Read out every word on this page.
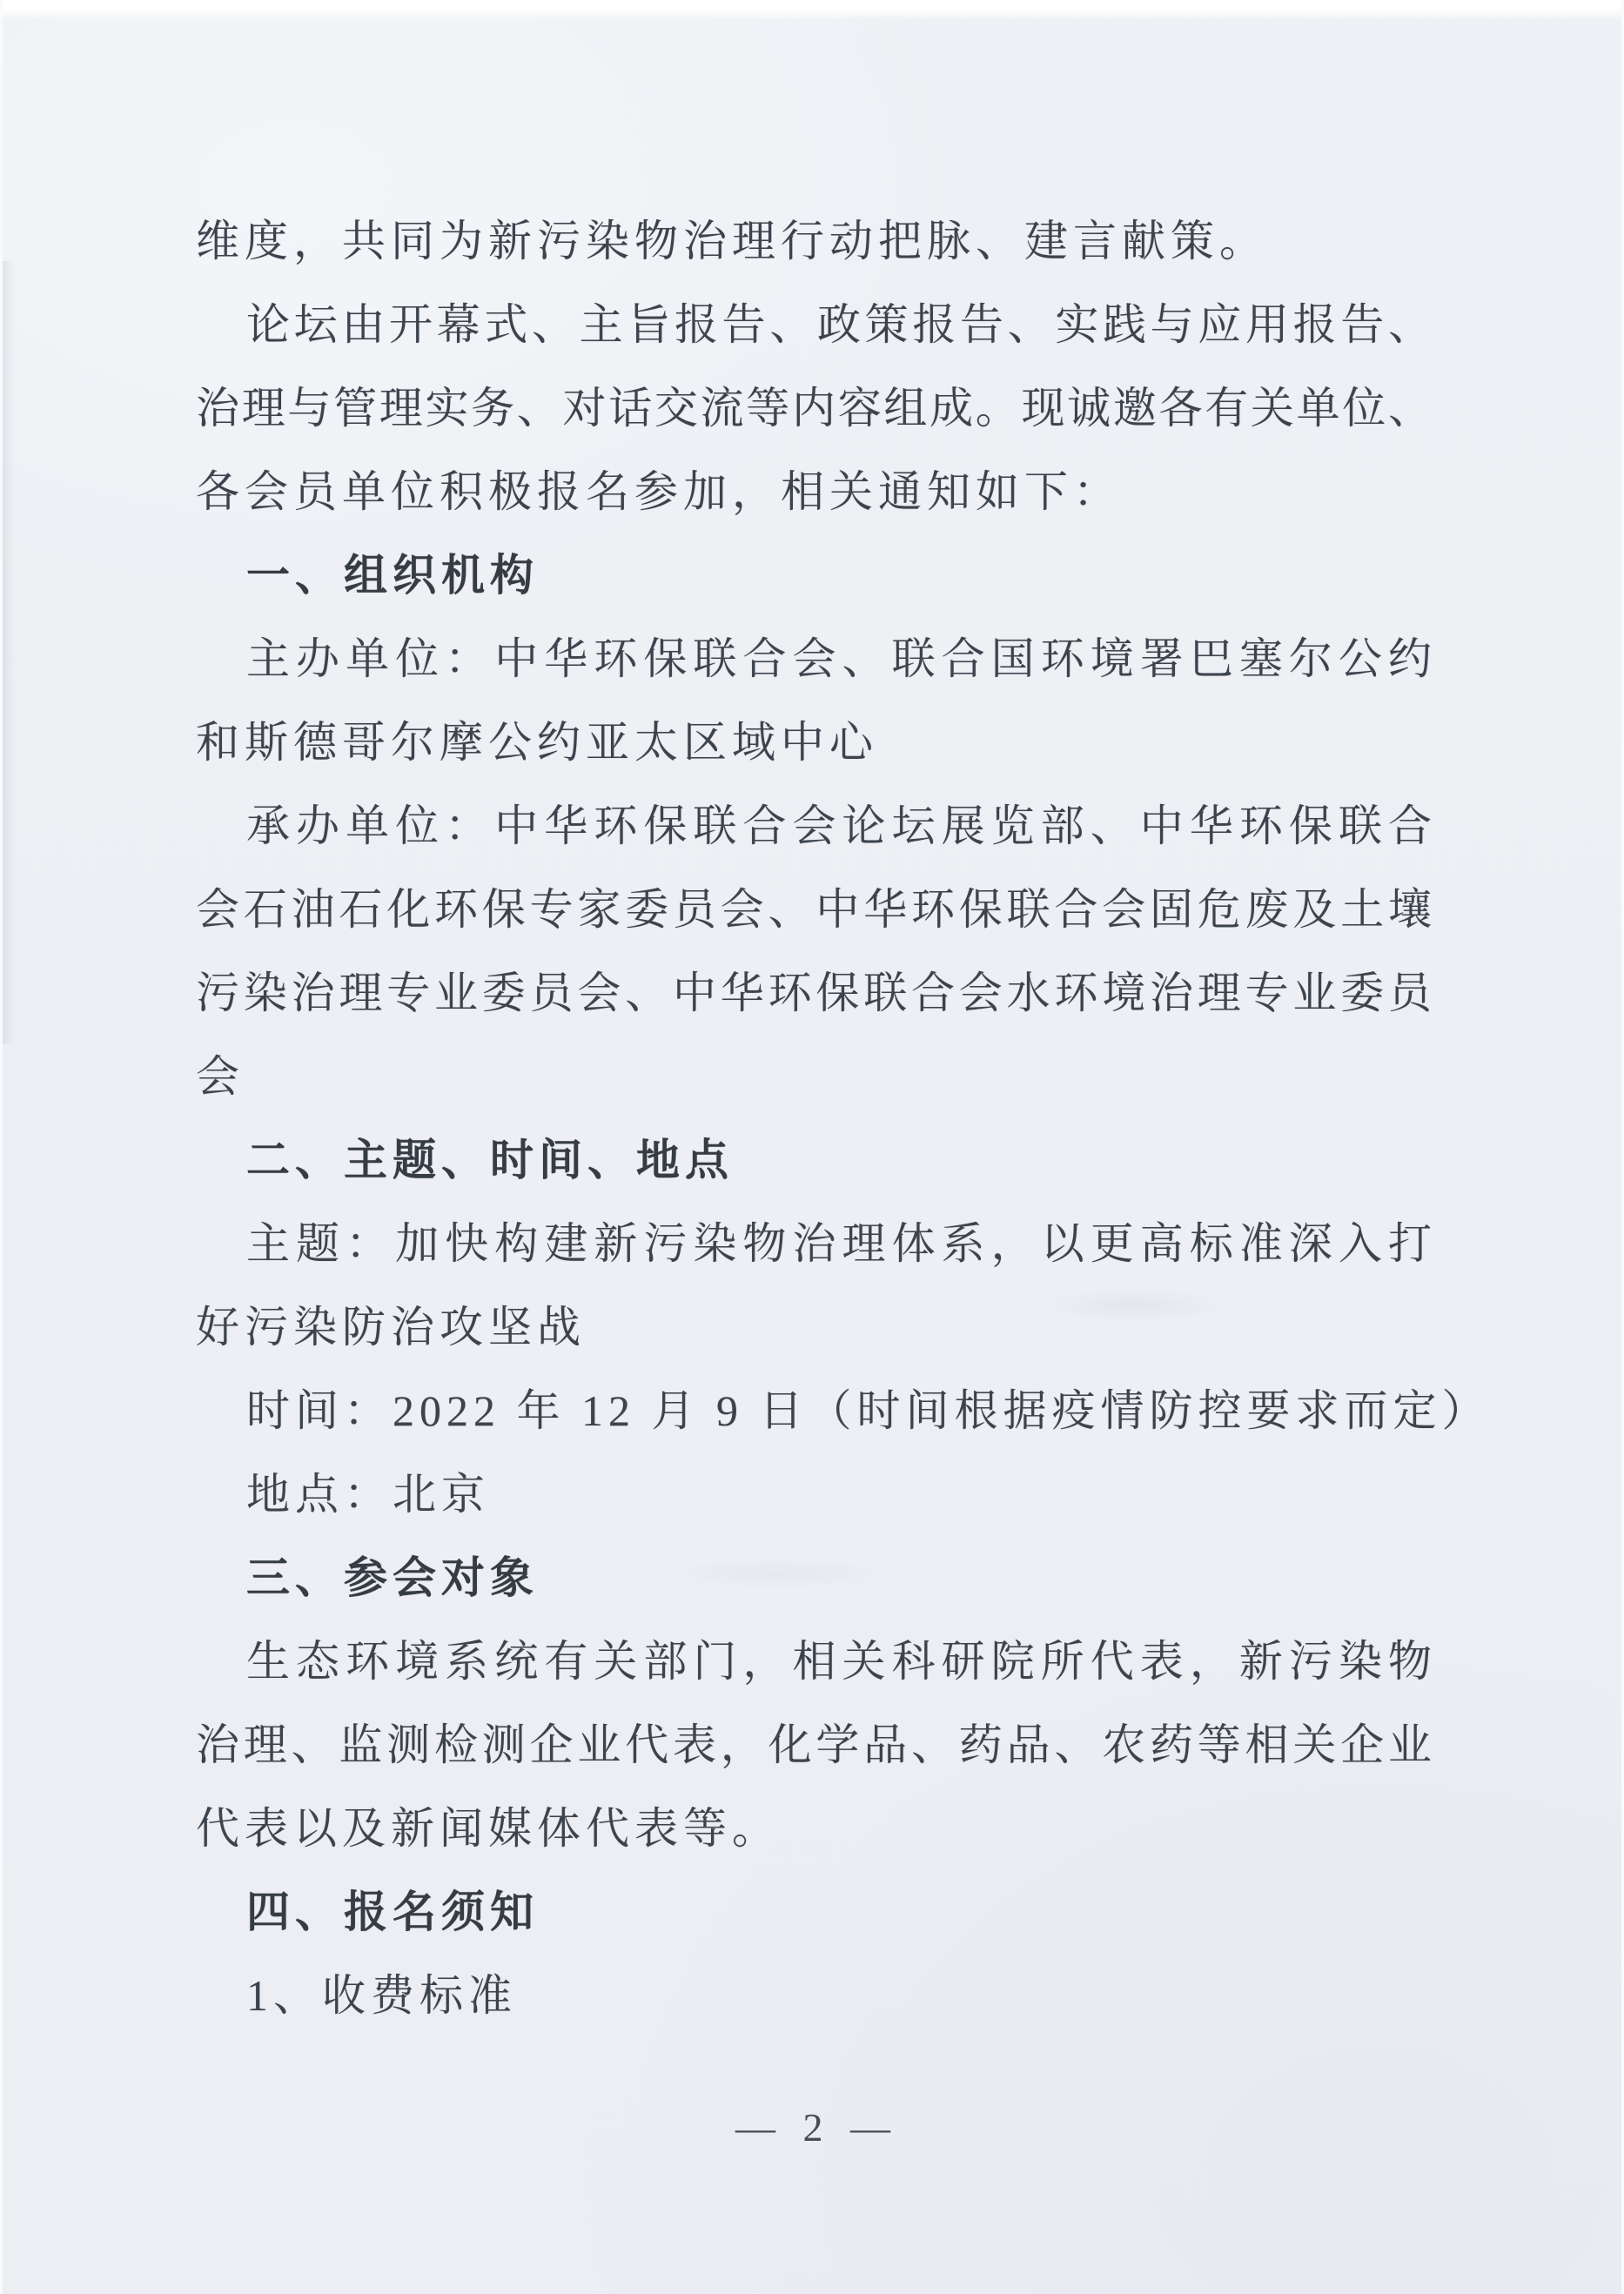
维度，共同为新污染物治理行动把脉、建言献策。
论坛由开幕式、主旨报告、政策报告、实践与应用报告、
治理与管理实务、对话交流等内容组成。现诚邀各有关单位、
各会员单位积极报名参加，相关通知如下：
一、组织机构
主办单位：中华环保联合会、联合国环境署巴塞尔公约
和斯德哥尔摩公约亚太区域中心
承办单位：中华环保联合会论坛展览部、中华环保联合
会石油石化环保专家委员会、中华环保联合会固危废及土壤
污染治理专业委员会、中华环保联合会水环境治理专业委员
会
二、主题、时间、地点
主题：加快构建新污染物治理体系，以更高标准深入打
好污染防治攻坚战
时间：2022 年 12 月 9 日（时间根据疫情防控要求而定）
地点：北京
三、参会对象
生态环境系统有关部门，相关科研院所代表，新污染物
治理、监测检测企业代表，化学品、药品、农药等相关企业
代表以及新闻媒体代表等。
四、报名须知
1、收费标准
— 2 —
